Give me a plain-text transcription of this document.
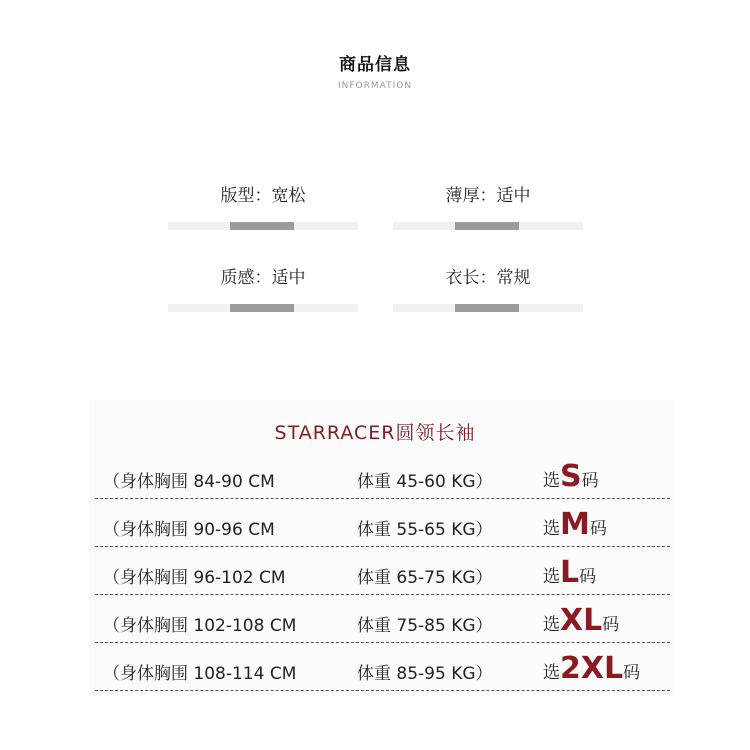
商品信息
INFORMATION
版型：宽松	薄厚：适中
质感：适中	衣长：常规
STARRACER圆领长袖
（身体胸围 84-90 CM	体重 45-60 KG）	选S码
（身体胸围 90-96 CM	体重 55-65 KG）	选M码
（身体胸围 96-102 CM	体重 65-75 KG）	选L码
（身体胸围 102-108 CM	体重 75-85 KG）	选XL码
（身体胸围 108-114 CM	体重 85-95 KG）	选2XL码
